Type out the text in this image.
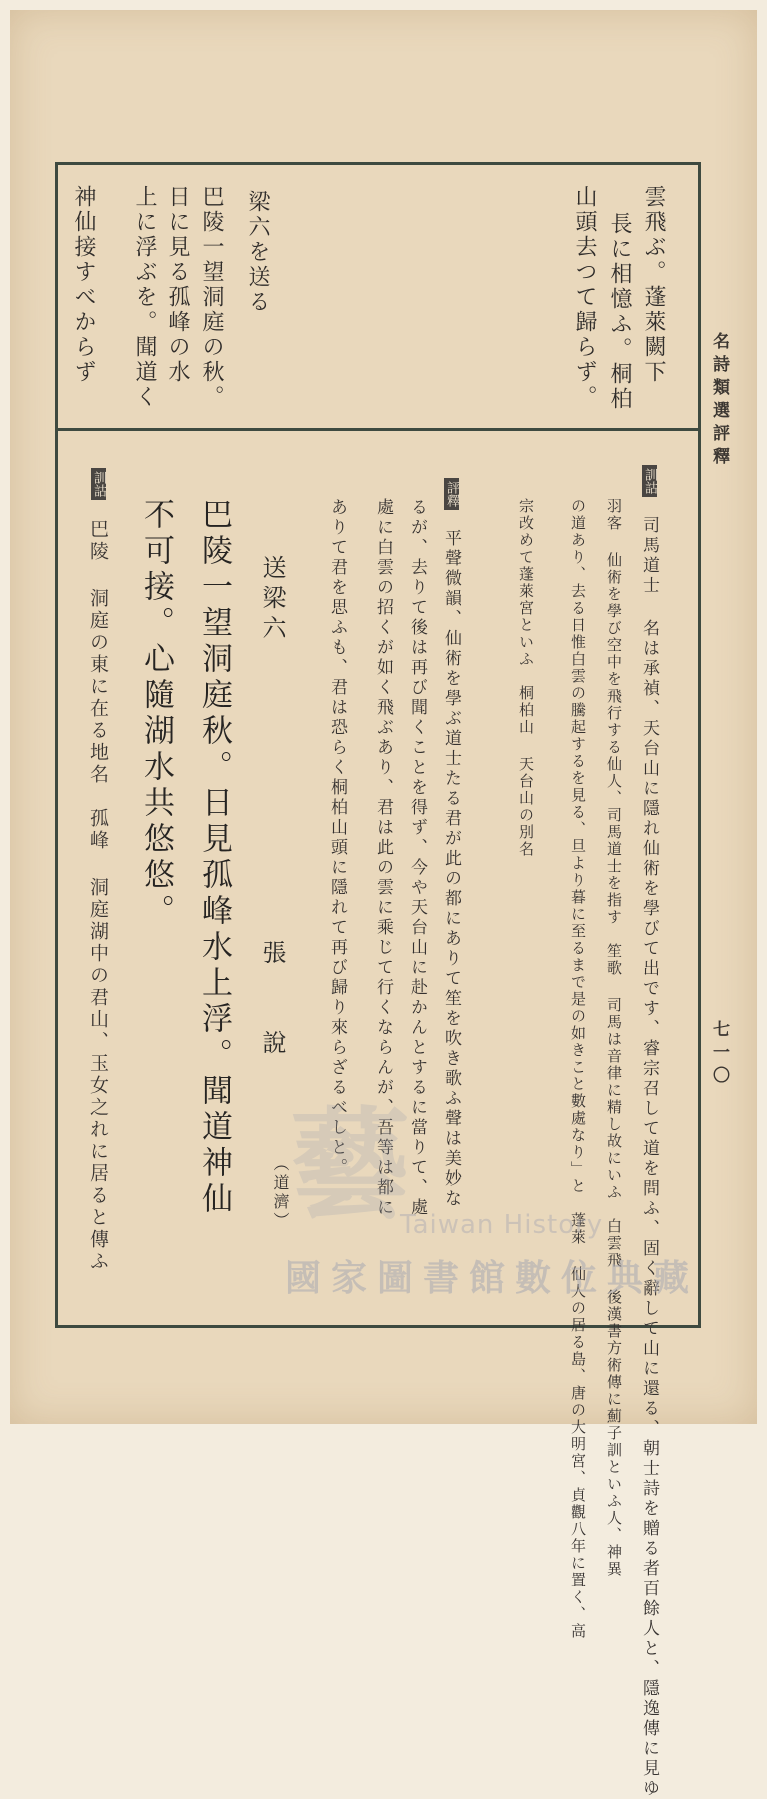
名詩類選評釋
七一〇
雲飛ぶ。蓬萊闕下
長に相憶ふ。桐柏
山頭去つて歸らず。
梁六を送る
巴陵一望洞庭の秋。
日に見る孤峰の水
上に浮ぶを。聞道く
神仙接すべからず
訓詁 司馬道士 名は承禎、天台山に隱れ仙術を學びて出です、睿宗召して道を問ふ、固く辭して山に還る、朝士詩を贈る者百餘人と、隱逸傳に見ゆ
羽客 仙術を學び空中を飛行する仙人、司馬道士を指す　笙歌 司馬は音律に精し故にいふ　白雲飛 後漢書方術傳に薊子訓といふ人、神異
の道あり、去る日惟白雲の騰起するを見る、旦より暮に至るまで是の如きこと數處なり」と　蓬萊 仙人の居る島、唐の大明宮、貞觀八年に置く、高
宗改めて蓬萊宮といふ　桐柏山 天台山の別名
評釋 平聲微韻、仙術を學ぶ道士たる君が此の都にありて笙を吹き歌ふ聲は美妙な
るが、去りて後は再び聞くことを得ず、今や天台山に赴かんとするに當りて、處
處に白雲の招くが如く飛ぶあり、君は此の雲に乘じて行くならんが、吾等は都に
ありて君を思ふも、君は恐らく桐柏山頭に隱れて再び歸り來らざるべしと。
送梁六
張　　說
（道濟）
巴陵一望洞庭秋。日見孤峰水上浮。聞道神仙
不可接。心隨湖水共悠悠。
訓詁 巴陵 洞庭の東に在る地名　孤峰 洞庭湖中の君山、玉女之れに居ると傳ふ 藝
Taiwan History
國家圖書館數位典藏
